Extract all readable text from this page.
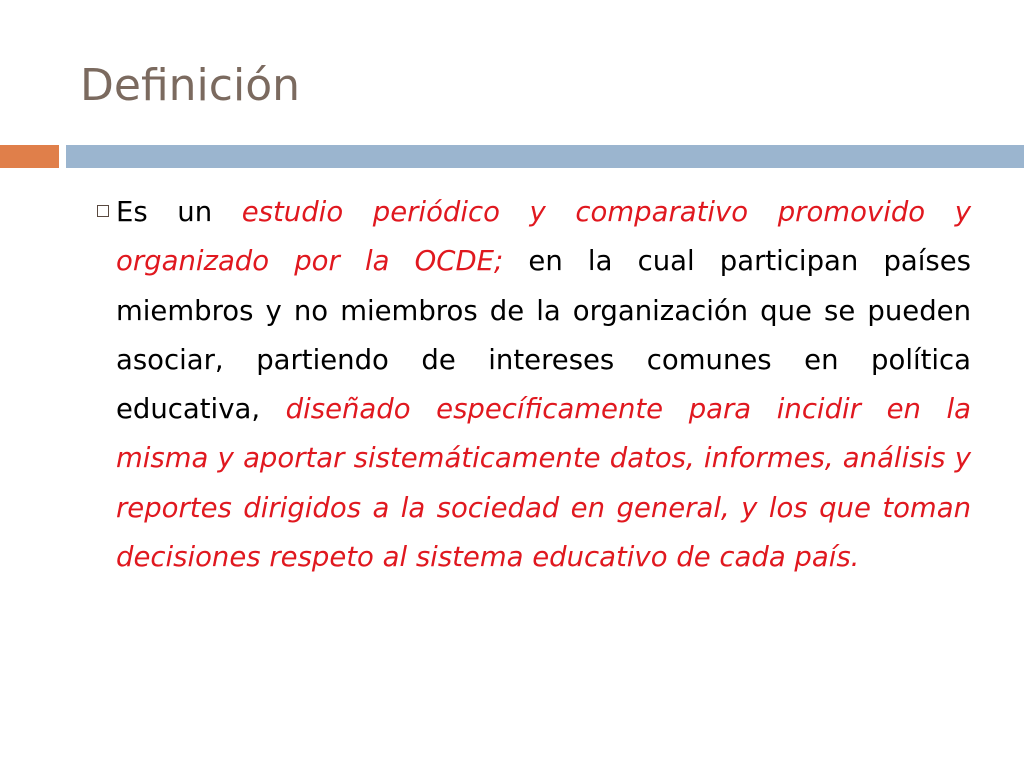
Definición

Es un estudio periódico y comparativo promovido y organizado por la OCDE; en la cual participan países miembros y no miembros de la organización que se pueden asociar, partiendo de intereses comunes en política educativa, diseñado específicamente para incidir en la misma y aportar sistemáticamente datos, informes, análisis y reportes dirigidos a la sociedad en general, y los que toman decisiones respeto al sistema educativo de cada país.
